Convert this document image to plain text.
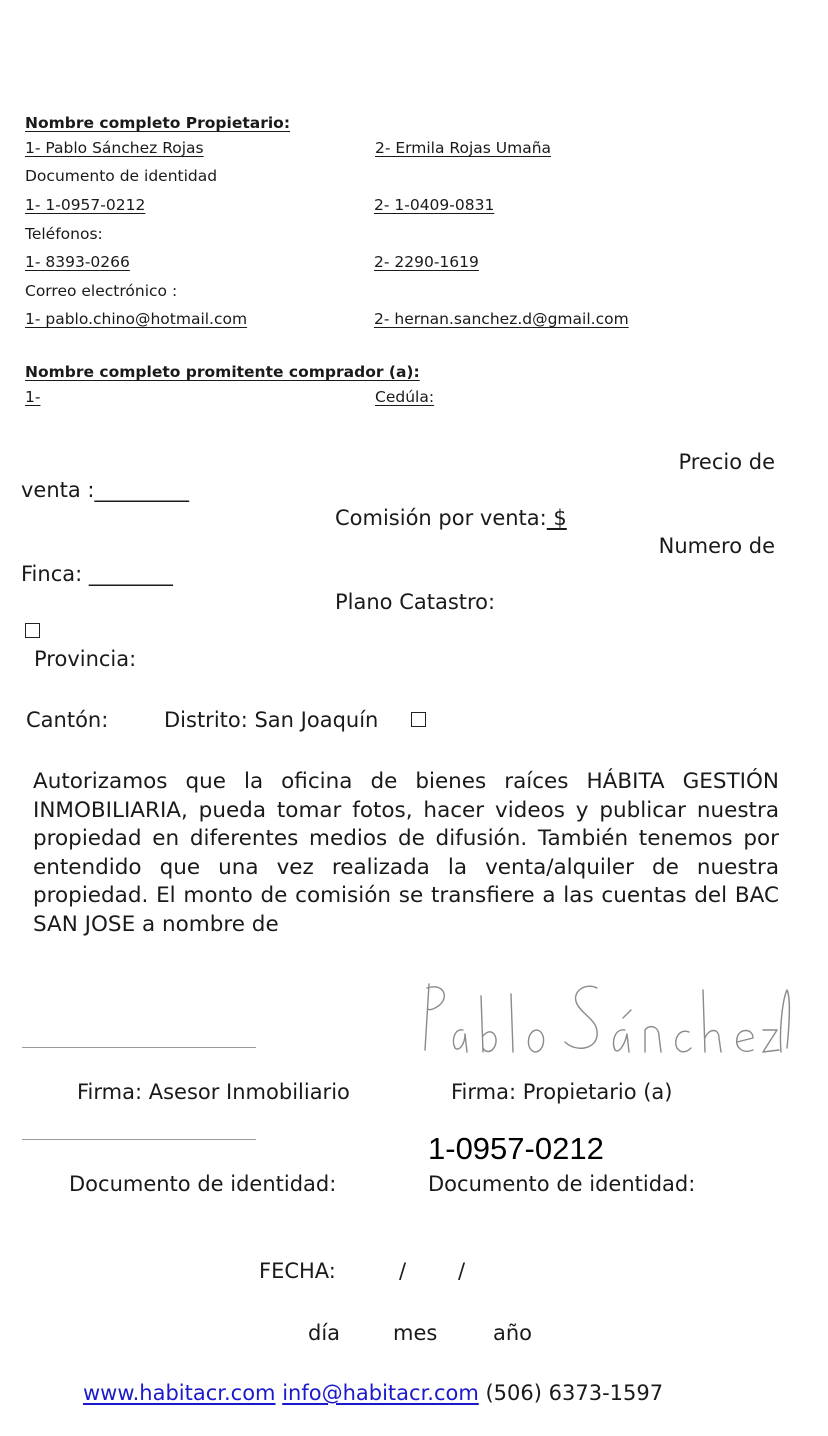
Nombre completo Propietario:
1- Pablo Sánchez Rojas	2- Ermila Rojas Umaña
Documento de identidad
1- 1-0957-0212	2- 1-0409-0831
Teléfonos:
1- 8393-0266	2- 2290-1619
Correo electrónico :
1- pablo.chino@hotmail.com	2- hernan.sanchez.d@gmail.com
Nombre completo promitente comprador (a):
1-	Cedúla:
Precio de
venta :_________
Comisión por venta: $
Numero de
Finca: ________
Plano Catastro:
Provincia:
Cantón:	Distrito: San Joaquín
Autorizamos que la oficina de bienes raíces HÁBITA GESTIÓN INMOBILIARIA, pueda tomar fotos, hacer videos y publicar nuestra propiedad en diferentes medios de difusión. También tenemos por entendido que una vez realizada la venta/alquiler de nuestra propiedad. El monto de comisión se transfiere a las cuentas del BAC SAN JOSE a nombre de
Firma: Asesor Inmobiliario	Firma: Propietario (a)
1-0957-0212
Documento de identidad:	Documento de identidad:
FECHA:	/ /
día	mes	año
www.habitacr.com info@habitacr.com (506) 6373-1597
